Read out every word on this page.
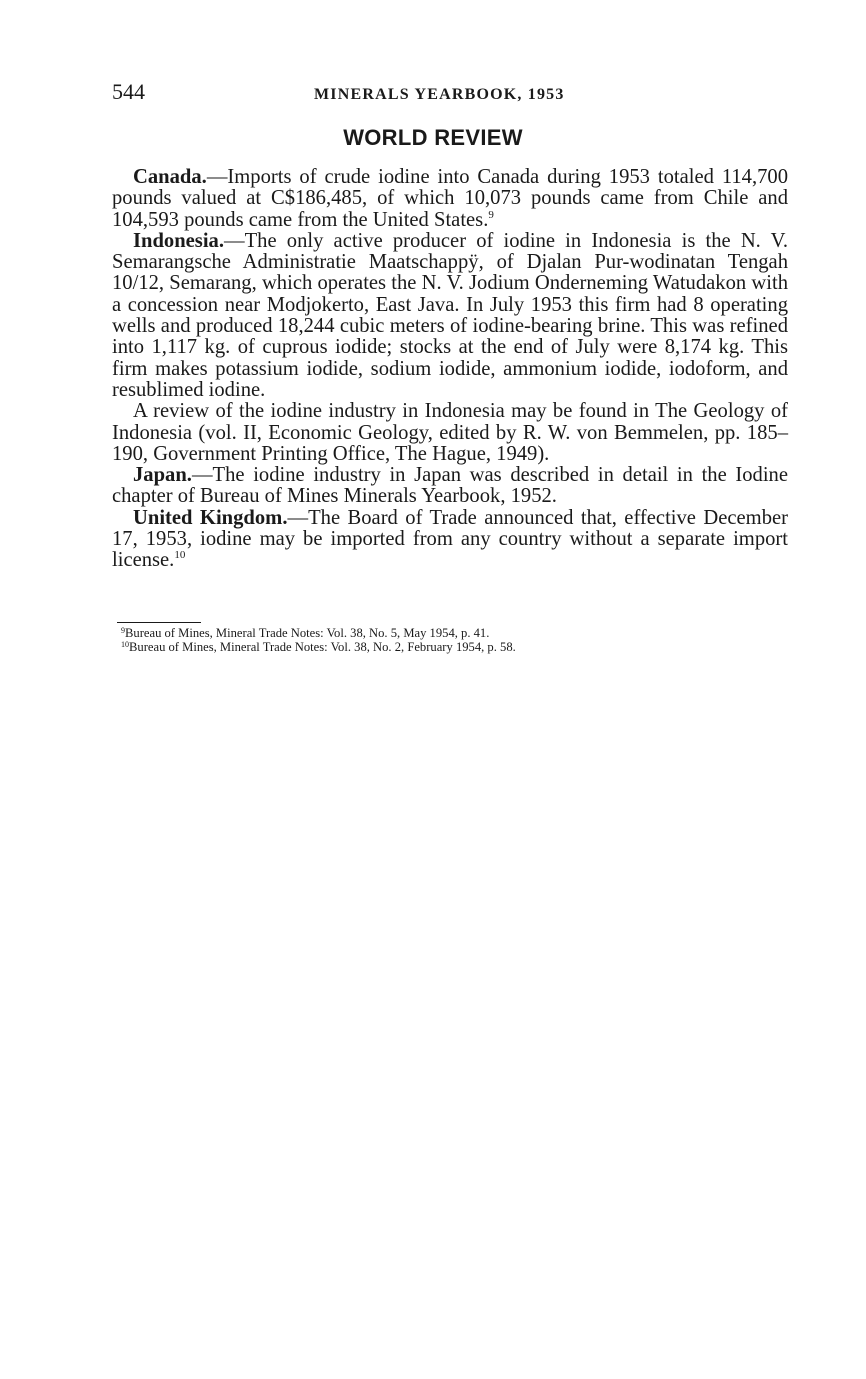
544	MINERALS YEARBOOK, 1953
WORLD REVIEW

Canada.—Imports of crude iodine into Canada during 1953 totaled 114,700 pounds valued at C$186,485, of which 10,073 pounds came from Chile and 104,593 pounds came from the United States.$^9$

Indonesia.—The only active producer of iodine in Indonesia is the N. V. Semarangsche Administratie Maatschappÿ, of Djalan Pur-wodinatan Tengah 10/12, Semarang, which operates the N. V. Jodium Onderneming Watudakon with a concession near Modjokerto, East Java. In July 1953 this firm had 8 operating wells and produced 18,244 cubic meters of iodine-bearing brine. This was refined into 1,117 kg. of cuprous iodide; stocks at the end of July were 8,174 kg. This firm makes potassium iodide, sodium iodide, ammonium iodide, iodoform, and resublimed iodine.

A review of the iodine industry in Indonesia may be found in The Geology of Indonesia (vol. II, Economic Geology, edited by R. W. von Bemmelen, pp. 185–190, Government Printing Office, The Hague, 1949).

Japan.—The iodine industry in Japan was described in detail in the Iodine chapter of Bureau of Mines Minerals Yearbook, 1952.

United Kingdom.—The Board of Trade announced that, effective December 17, 1953, iodine may be imported from any country without a separate import license.$^{10}$

$^9$Bureau of Mines, Mineral Trade Notes: Vol. 38, No. 5, May 1954, p. 41.
$^{10}$Bureau of Mines, Mineral Trade Notes: Vol. 38, No. 2, February 1954, p. 58.
